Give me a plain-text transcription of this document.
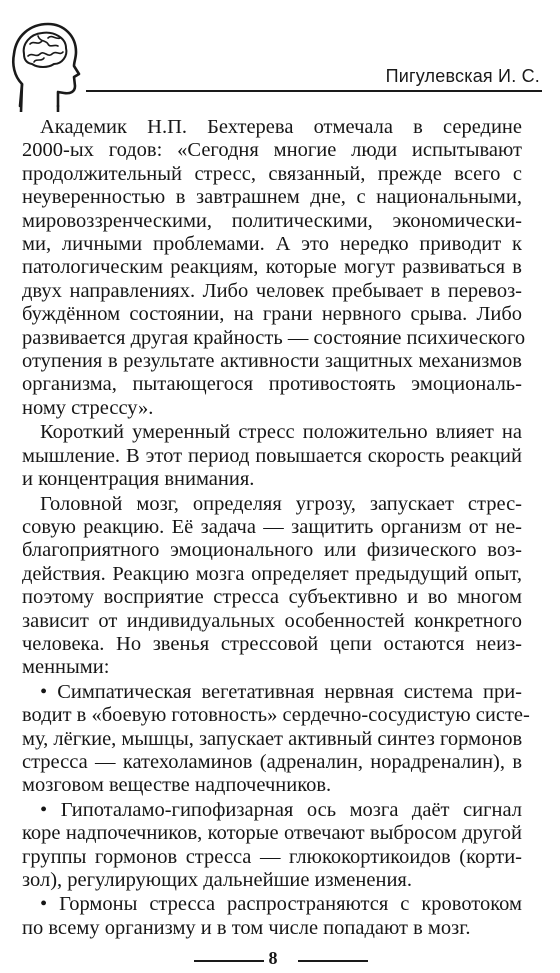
Пигулевская И. С.
Академик Н.П. Бехтерева отмечала в середине
2000-ых годов: «Сегодня многие люди испытывают
продолжительный стресс, связанный, прежде всего с
неуверенностью в завтрашнем дне, с национальными,
мировоззренческими, политическими, экономически-
ми, личными проблемами. А это нередко приводит к
патологическим реакциям, которые могут развиваться в
двух направлениях. Либо человек пребывает в перевоз-
буждённом состоянии, на грани нервного срыва. Либо
развивается другая крайность — состояние психического
отупения в результате активности защитных механизмов
организма, пытающегося противостоять эмоциональ-
ному стрессу».
Короткий умеренный стресс положительно влияет на
мышление. В этот период повышается скорость реакций
и концентрация внимания.
Головной мозг, определяя угрозу, запускает стрес-
совую реакцию. Её задача — защитить организм от не-
благоприятного эмоционального или физического воз-
действия. Реакцию мозга определяет предыдущий опыт,
поэтому восприятие стресса субъективно и во многом
зависит от индивидуальных особенностей конкретного
человека. Но звенья стрессовой цепи остаются неиз-
менными:
• Симпатическая вегетативная нервная система при-
водит в «боевую готовность» сердечно-сосудистую систе-
му, лёгкие, мышцы, запускает активный синтез гормонов
стресса — катехоламинов (адреналин, норадреналин), в
мозговом веществе надпочечников.
• Гипоталамо-гипофизарная ось мозга даёт сигнал
коре надпочечников, которые отвечают выбросом другой
группы гормонов стресса — глюкокортикоидов (корти-
зол), регулирующих дальнейшие изменения.
• Гормоны стресса распространяются с кровотоком
по всему организму и в том числе попадают в мозг.
8
